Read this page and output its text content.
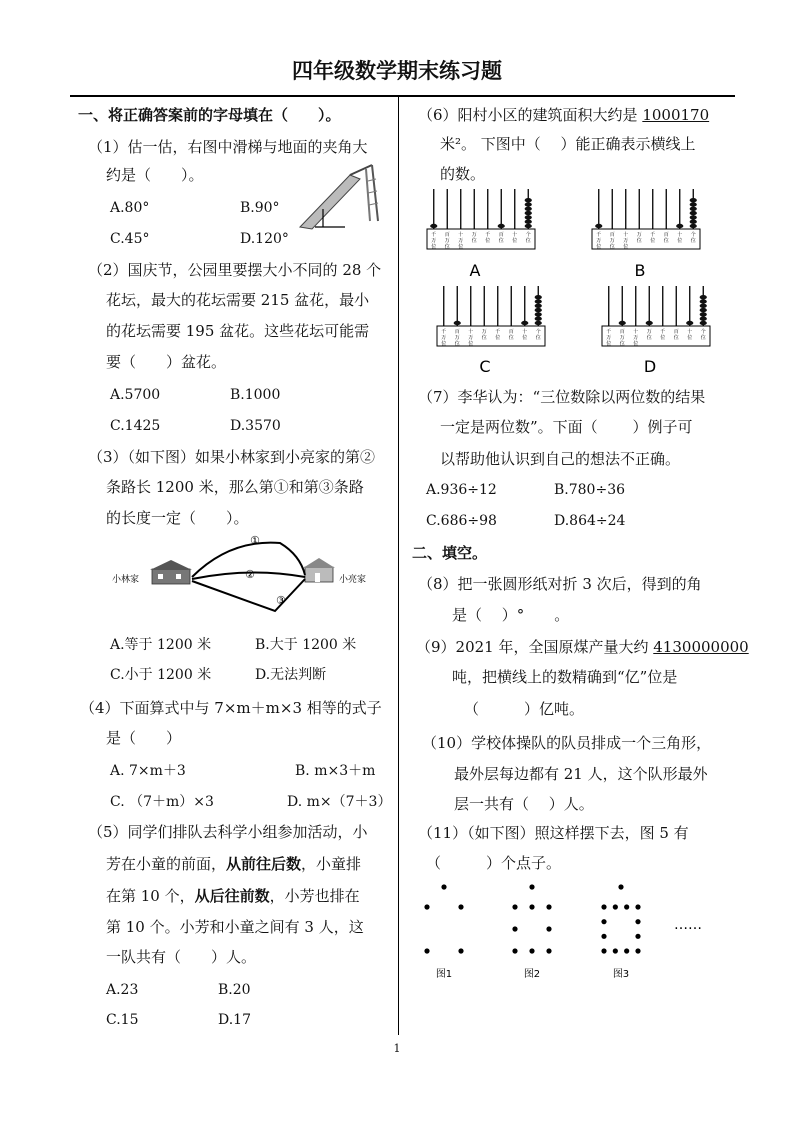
四年级数学期末练习题
一、将正确答案前的字母填在（　　）。
（1）估一估，右图中滑梯与地面的夹角大
约是（　　）。
A.80°	B.90°
C.45°	D.120°
（2）国庆节，公园里要摆大小不同的 28 个
花坛，最大的花坛需要 215 盆花，最小
的花坛需要 195 盆花。这些花坛可能需
要（　　）盆花。
A.5700	B.1000
C.1425	D.3570
（3）（如下图）如果小林家到小亮家的第②
条路长 1200 米，那么第①和第③条路
的长度一定（　　）。
小林家	小亮家
①
②
③
A.等于 1200 米	B.大于 1200 米
C.小于 1200 米	D.无法判断
（4）下面算式中与 7×m＋m×3 相等的式子
是（　　）
A. 7×m＋3	B. m×3＋m
C. （7＋m）×3	D. m×（7＋3）
（5）同学们排队去科学小组参加活动，小
芳在小童的前面，从前往后数，小童排
在第 10 个，从后往前数，小芳也排在
第 10 个。小芳和小童之间有 3 人，这
一队共有（　　）人。
A.23	B.20
C.15	D.17
（6）阳村小区的建筑面积大约是 1000170
米²。 下图中（　 ）能正确表示横线上
的数。
A	B
C	D
千
万
位
百
万
位
十
万
位
万
位
千
位
百
位
十
位
个
位
千
万
位
百
万
位
十
万
位
万
位
千
位
百
位
十
位
个
位
千
万
位
百
万
位
十
万
位
万
位
千
位
百
位
十
位
个
位
千
万
位
百
万
位
十
万
位
万
位
千
位
百
位
十
位
个
位
（7）李华认为：“三位数除以两位数的结果
一定是两位数”。下面（　　 ）例子可
以帮助他认识到自己的想法不正确。
A.936÷12	B.780÷36
C.686÷98	D.864÷24
二、填空。
（8）把一张圆形纸对折 3 次后，得到的角
是（　 ）°　　。
（9）2021 年，全国原煤产量大约 4130000000
吨，把横线上的数精确到“亿”位是
（　　　）亿吨。
（10）学校体操队的队员排成一个三角形，
最外层每边都有 21 人，这个队形最外
层一共有（　 ）人。
（11）（如下图）照这样摆下去，图 5 有
（　　　）个点子。
图1	图2	图3
……
1
